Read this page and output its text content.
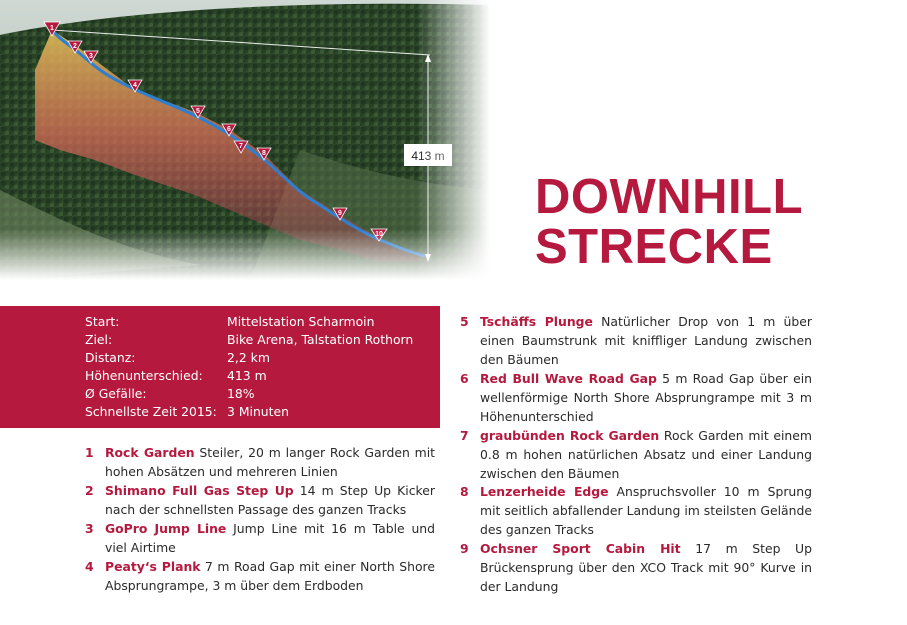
DOWNHILL
STRECKE
Start:	Mittelstation Scharmoin
Ziel:	Bike Arena, Talstation Rothorn
Distanz:	2,2 km
Höhenunterschied: 413 m
Ø Gefälle:	18%
Schnellste Zeit 2015: 3 Minuten
1 Rock Garden Steiler, 20 m langer Rock Garden mit hohen Absätzen und mehreren Linien
2 Shimano Full Gas Step Up 14 m Step Up Kicker nach der schnellsten Passage des ganzen Tracks
3 GoPro Jump Line Jump Line mit 16 m Table und viel Airtime
4 Peaty‘s Plank 7 m Road Gap mit einer North Shore Absprungrampe, 3 m über dem Erdboden
5 Tschäffs Plunge Natürlicher Drop von 1 m über einen Baumstrunk mit kniffliger Landung zwischen den Bäumen
6 Red Bull Wave Road Gap 5 m Road Gap über ein wellenförmige North Shore Absprungrampe mit 3 m Höhenunterschied
7 graubünden Rock Garden Rock Garden mit einem 0.8 m hohen natürlichen Absatz und einer Landung zwischen den Bäumen
8 Lenzerheide Edge Anspruchsvoller 10 m Sprung mit seitlich abfallender Landung im steilsten Gelände des ganzen Tracks
9 Ochsner Sport Cabin Hit 17 m Step Up Brückensprung über den XCO Track mit 90° Kurve in der Landung
